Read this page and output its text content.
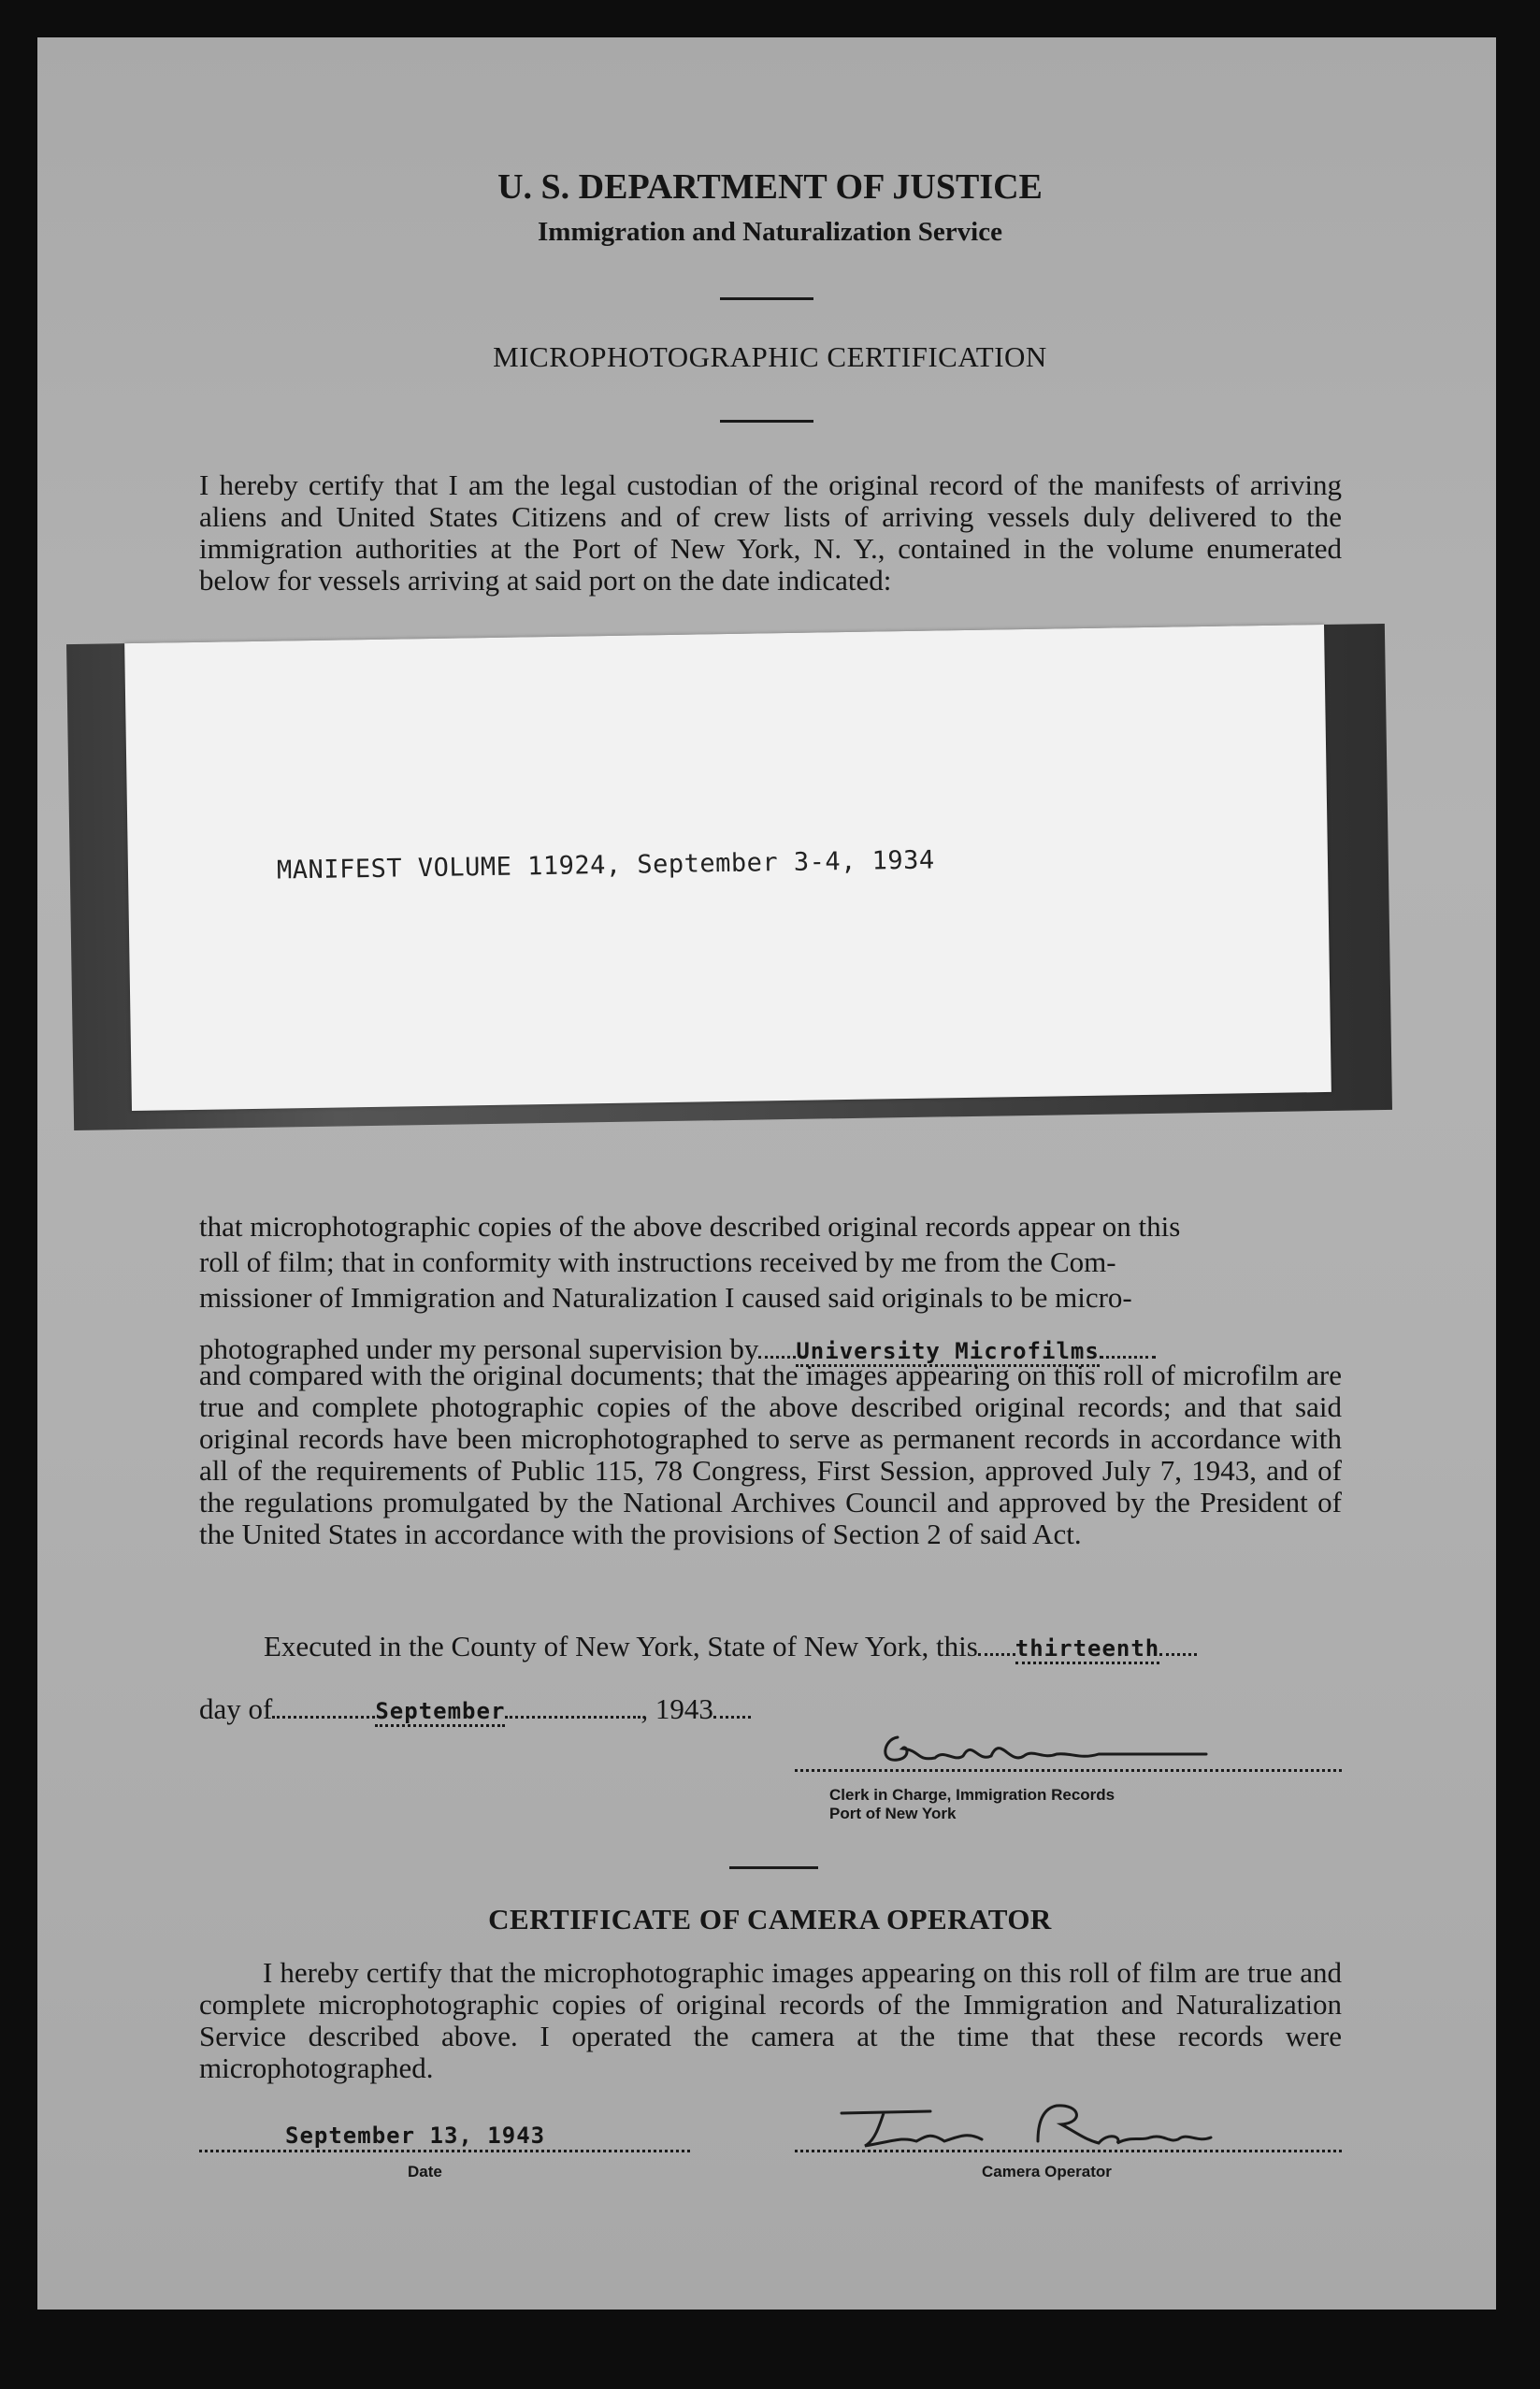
U. S. DEPARTMENT OF JUSTICE
Immigration and Naturalization Service
MICROPHOTOGRAPHIC CERTIFICATION
I hereby certify that I am the legal custodian of the original record of the manifests of arriving aliens and United States Citizens and of crew lists of arriving vessels duly delivered to the immigration authorities at the Port of New York, N. Y., contained in the volume enumerated below for vessels arriving at said port on the date indicated:
MANIFEST VOLUME 11924, September 3-4, 1934
that microphotographic copies of the above described original records appear on this
roll of film; that in conformity with instructions received by me from the Com-
missioner of Immigration and Naturalization I caused said originals to be micro-
photographed under my personal supervision by University Microfilms
and compared with the original documents; that the images appearing on this roll of microfilm are true and complete photographic copies of the above described original records; and that said original records have been microphotographed to serve as permanent records in accordance with all of the requirements of Public 115, 78 Congress, First Session, approved July 7, 1943, and of the regulations promulgated by the National Archives Council and approved by the President of the United States in accordance with the provisions of Section 2 of said Act.
Executed in the County of New York, State of New York, this thirteenth
day of	September	, 1943
Clerk in Charge, Immigration Records
Port of New York
CERTIFICATE OF CAMERA OPERATOR
I hereby certify that the microphotographic images appearing on this roll of film are true and complete microphotographic copies of original records of the Immigration and Naturalization Service described above. I operated the camera at the time that these records were microphotographed.
September 13, 1943
Date	Camera Operator
